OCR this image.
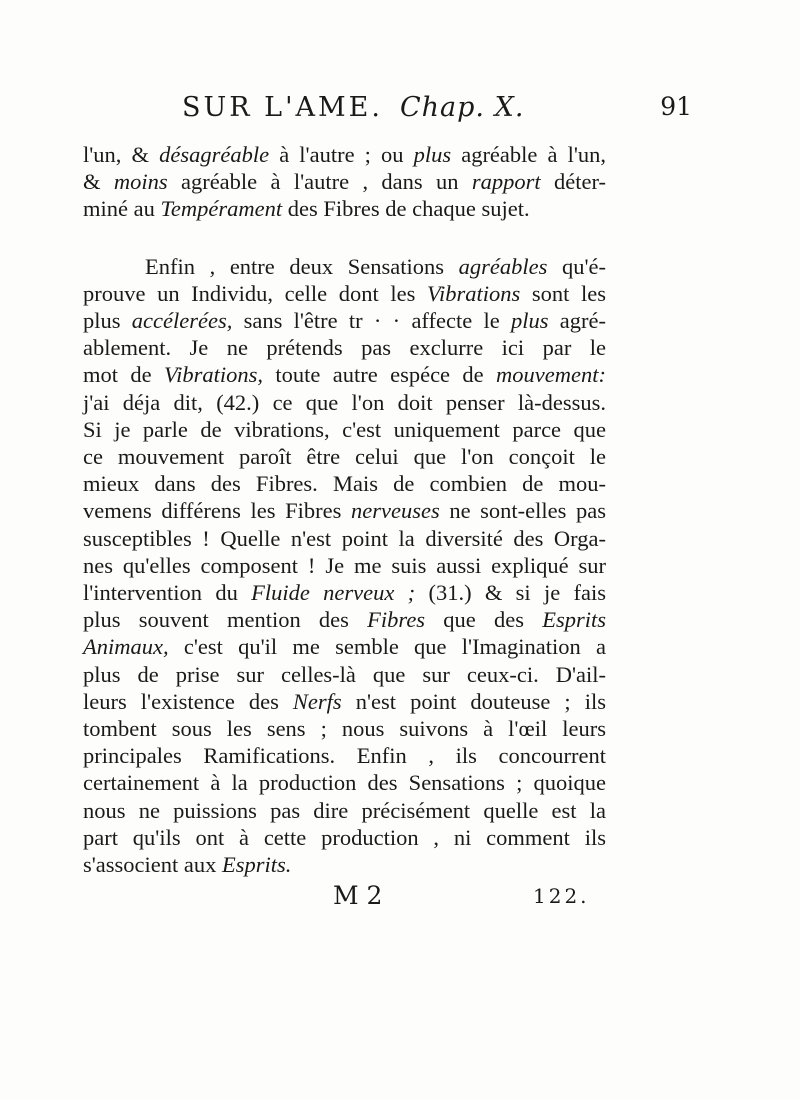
SUR L'AME. Chap. X.	91
l'un, & désagréable à l'autre ; ou plus agréable à l'un,
& moins agréable à l'autre , dans un rapport déter-
miné au Tempérament des Fibres de chaque sujet.
Enfin , entre deux Sensations agréables qu'é-
prouve un Individu, celle dont les Vibrations sont les
plus accélerées, sans l'être tr · · affecte le plus agré-
ablement. Je ne prétends pas exclurre ici par le
mot de Vibrations, toute autre espéce de mouvement:
j'ai déja dit, (42.) ce que l'on doit penser là-dessus.
Si je parle de vibrations, c'est uniquement parce que
ce mouvement paroît être celui que l'on conçoit le
mieux dans des Fibres. Mais de combien de mou-
vemens différens les Fibres nerveuses ne sont-elles pas
susceptibles ! Quelle n'est point la diversité des Orga-
nes qu'elles composent ! Je me suis aussi expliqué sur
l'intervention du Fluide nerveux ; (31.) & si je fais
plus souvent mention des Fibres que des Esprits
Animaux, c'est qu'il me semble que l'Imagination a
plus de prise sur celles-là que sur ceux-ci. D'ail-
leurs l'existence des Nerfs n'est point douteuse ; ils
tombent sous les sens ; nous suivons à l'œil leurs
principales Ramifications. Enfin , ils concourrent
certainement à la production des Sensations ; quoique
nous ne puissions pas dire précisément quelle est la
part qu'ils ont à cette production , ni comment ils
s'associent aux Esprits.
M 2	122.
